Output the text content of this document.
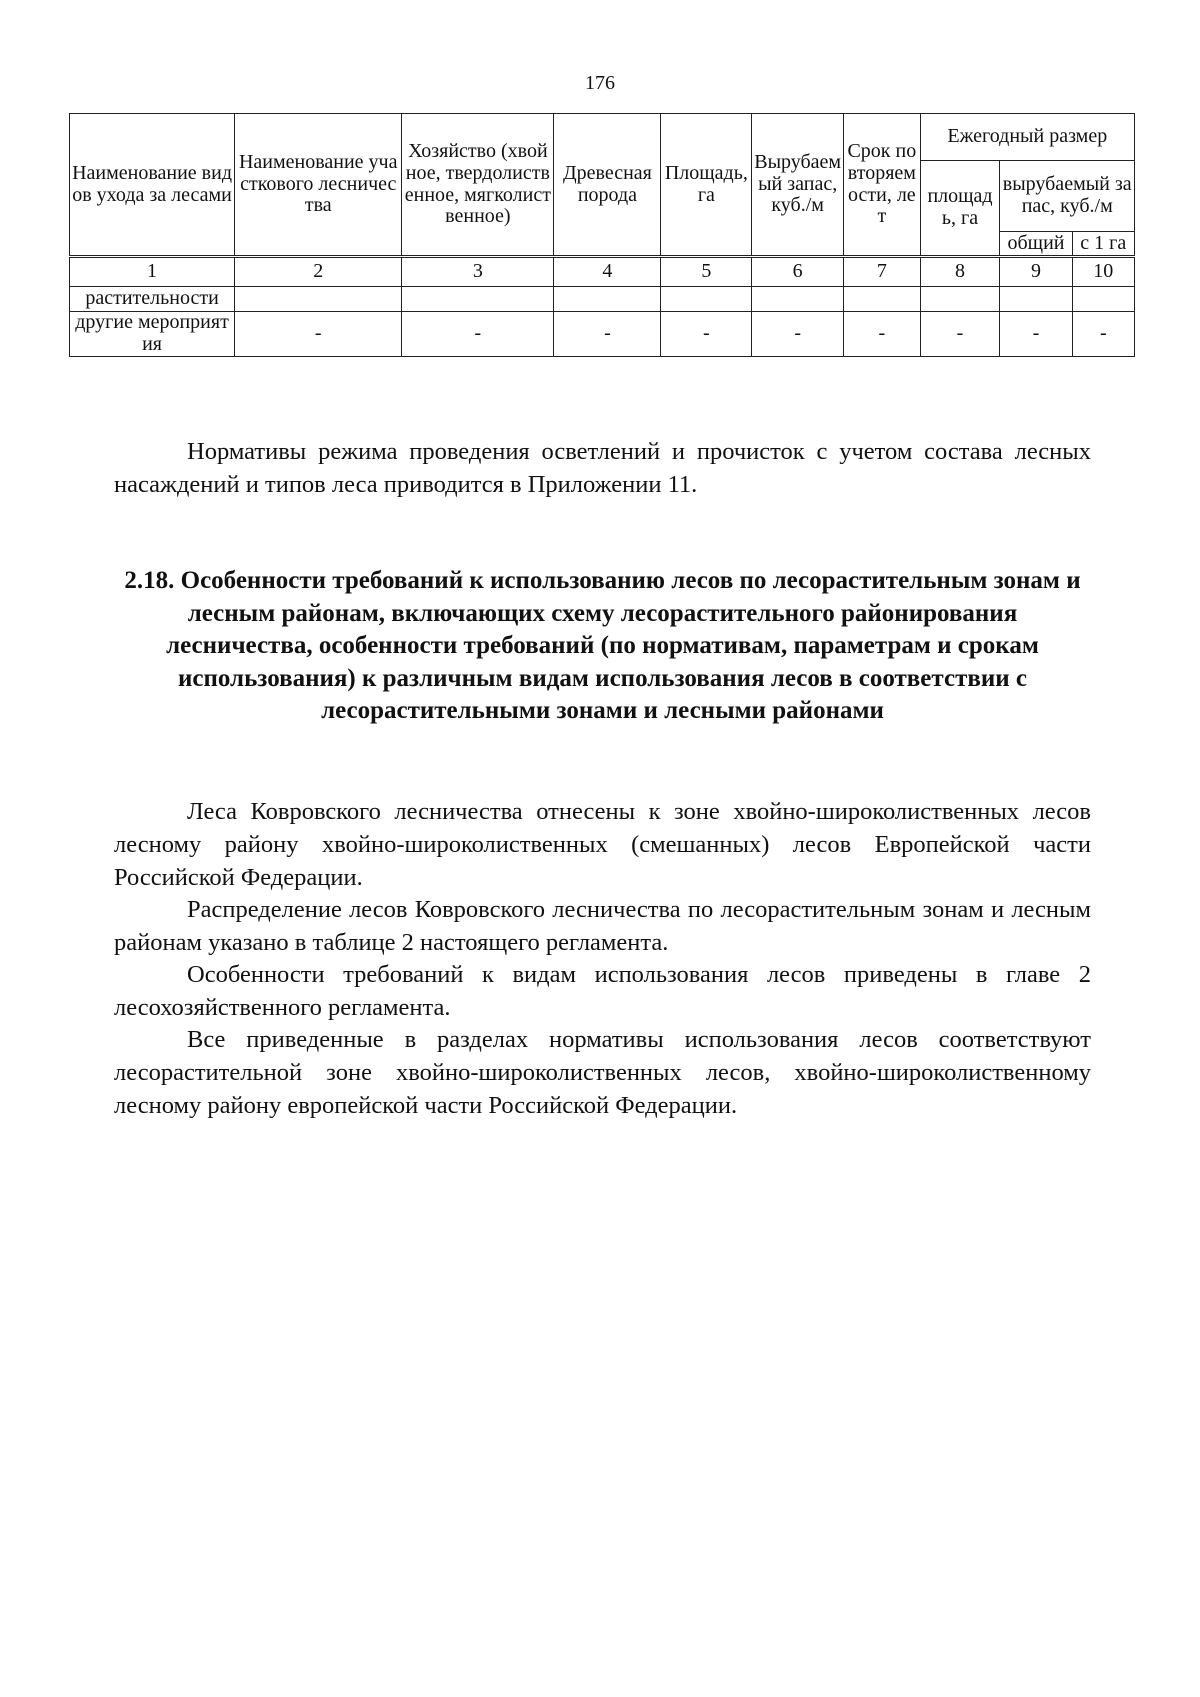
176
Наименование видов ухода за лесами	Наименование участкового лесничества	Хозяйство (хвойное, твердолиственное, мягколиственное)	Древесная порода	Площадь, га	Вырубаемый запас, куб./м	Срок повторяемости, лет	Ежегодный размер		
							площадь, га	вырубаемый запас, куб./м	
								общий	с 1 га
1	2	3	4	5	6	7	8	9	10
растительности									
другие мероприятия	-	-	-	-	-	-	-	-	-

Нормативы режима проведения осветлений и прочисток с учетом состава лесных насаждений и типов леса приводится в Приложении 11.

2.18. Особенности требований к использованию лесов по лесорастительным зонам и лесным районам, включающих схему лесорастительного районирования лесничества, особенности требований (по нормативам, параметрам и срокам использования) к различным видам использования лесов в соответствии с лесорастительными зонами и лесными районами

Леса Ковровского лесничества отнесены к зоне хвойно-широколиственных лесов лесному району хвойно-широколиственных (смешанных) лесов Европейской части Российской Федерации.

Распределение лесов Ковровского лесничества по лесорастительным зонам и лесным районам указано в таблице 2 настоящего регламента.

Особенности требований к видам использования лесов приведены в главе 2 лесохозяйственного регламента.

Все приведенные в разделах нормативы использования лесов соответствуют лесорастительной зоне хвойно-широколиственных лесов, хвойно-широколиственному лесному району европейской части Российской Федерации.
